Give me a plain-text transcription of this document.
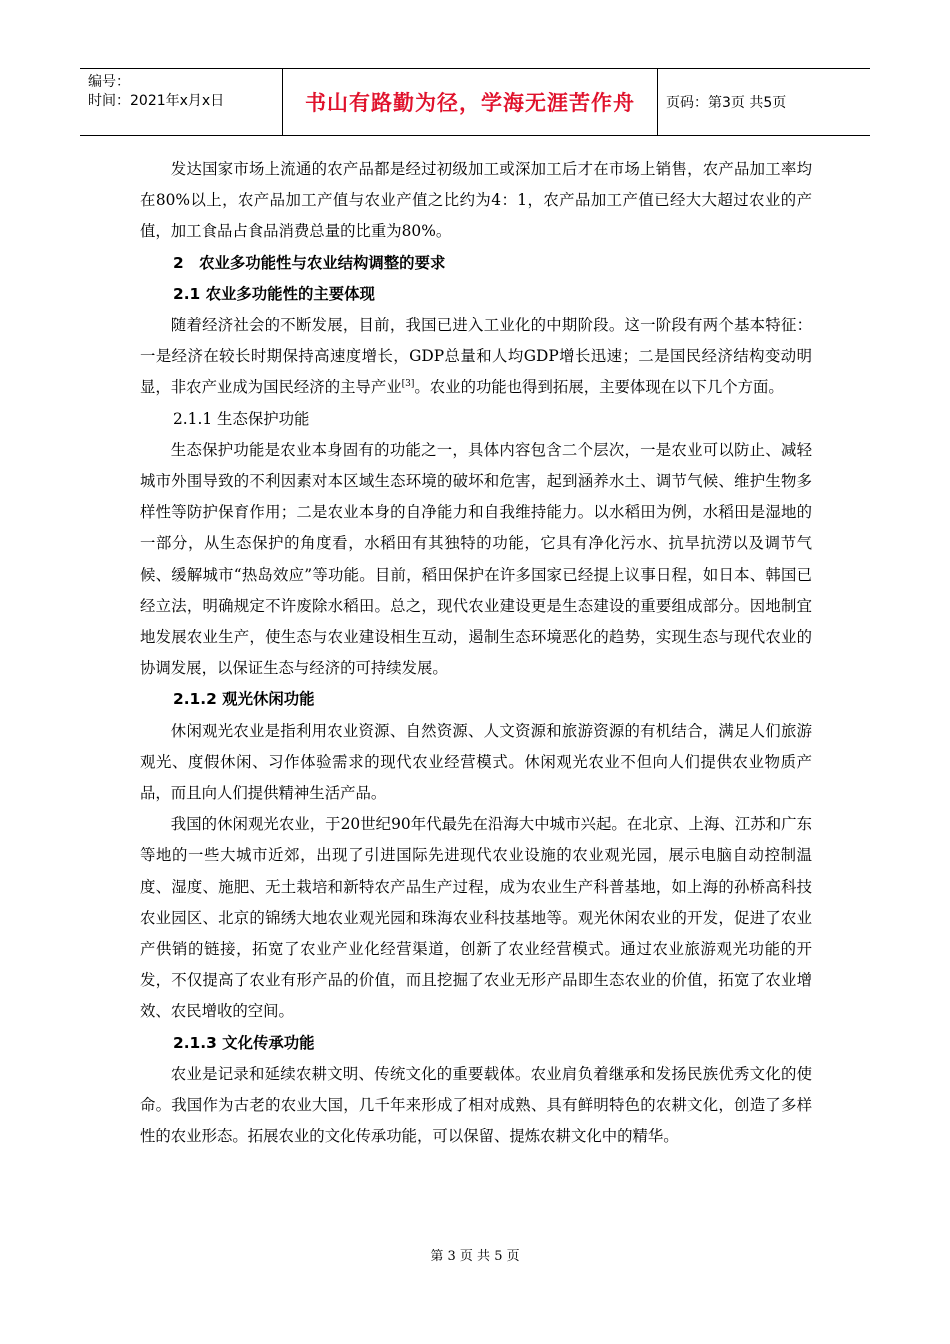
编号：
时间：2021年x月x日	书山有路勤为径，学海无涯苦作舟	页码：第3页 共5页

发达国家市场上流通的农产品都是经过初级加工或深加工后才在市场上销售，农产品加工率均在80%以上，农产品加工产值与农业产值之比约为4：1，农产品加工产值已经大大超过农业的产值，加工食品占食品消费总量的比重为80%。

2　农业多功能性与农业结构调整的要求

2.1 农业多功能性的主要体现

随着经济社会的不断发展，目前，我国已进入工业化的中期阶段。这一阶段有两个基本特征：一是经济在较长时期保持高速度增长，GDP总量和人均GDP增长迅速；二是国民经济结构变动明显，非农产业成为国民经济的主导产业[3]。农业的功能也得到拓展，主要体现在以下几个方面。

2.1.1 生态保护功能

生态保护功能是农业本身固有的功能之一，具体内容包含二个层次，一是农业可以防止、减轻城市外围导致的不利因素对本区域生态环境的破坏和危害，起到涵养水土、调节气候、维护生物多样性等防护保育作用；二是农业本身的自净能力和自我维持能力。以水稻田为例，水稻田是湿地的一部分，从生态保护的角度看，水稻田有其独特的功能，它具有净化污水、抗旱抗涝以及调节气候、缓解城市“热岛效应”等功能。目前，稻田保护在许多国家已经提上议事日程，如日本、韩国已经立法，明确规定不许废除水稻田。总之，现代农业建设更是生态建设的重要组成部分。因地制宜地发展农业生产，使生态与农业建设相生互动，遏制生态环境恶化的趋势，实现生态与现代农业的协调发展，以保证生态与经济的可持续发展。

2.1.2 观光休闲功能

休闲观光农业是指利用农业资源、自然资源、人文资源和旅游资源的有机结合，满足人们旅游观光、度假休闲、习作体验需求的现代农业经营模式。休闲观光农业不但向人们提供农业物质产品，而且向人们提供精神生活产品。

我国的休闲观光农业，于20世纪90年代最先在沿海大中城市兴起。在北京、上海、江苏和广东等地的一些大城市近郊，出现了引进国际先进现代农业设施的农业观光园，展示电脑自动控制温度、湿度、施肥、无土栽培和新特农产品生产过程，成为农业生产科普基地，如上海的孙桥高科技农业园区、北京的锦绣大地农业观光园和珠海农业科技基地等。观光休闲农业的开发，促进了农业产供销的链接，拓宽了农业产业化经营渠道，创新了农业经营模式。通过农业旅游观光功能的开发，不仅提高了农业有形产品的价值，而且挖掘了农业无形产品即生态农业的价值，拓宽了农业增效、农民增收的空间。

2.1.3 文化传承功能

农业是记录和延续农耕文明、传统文化的重要载体。农业肩负着继承和发扬民族优秀文化的使命。我国作为古老的农业大国，几千年来形成了相对成熟、具有鲜明特色的农耕文化，创造了多样性的农业形态。拓展农业的文化传承功能，可以保留、提炼农耕文化中的精华。

第 3 页 共 5 页
